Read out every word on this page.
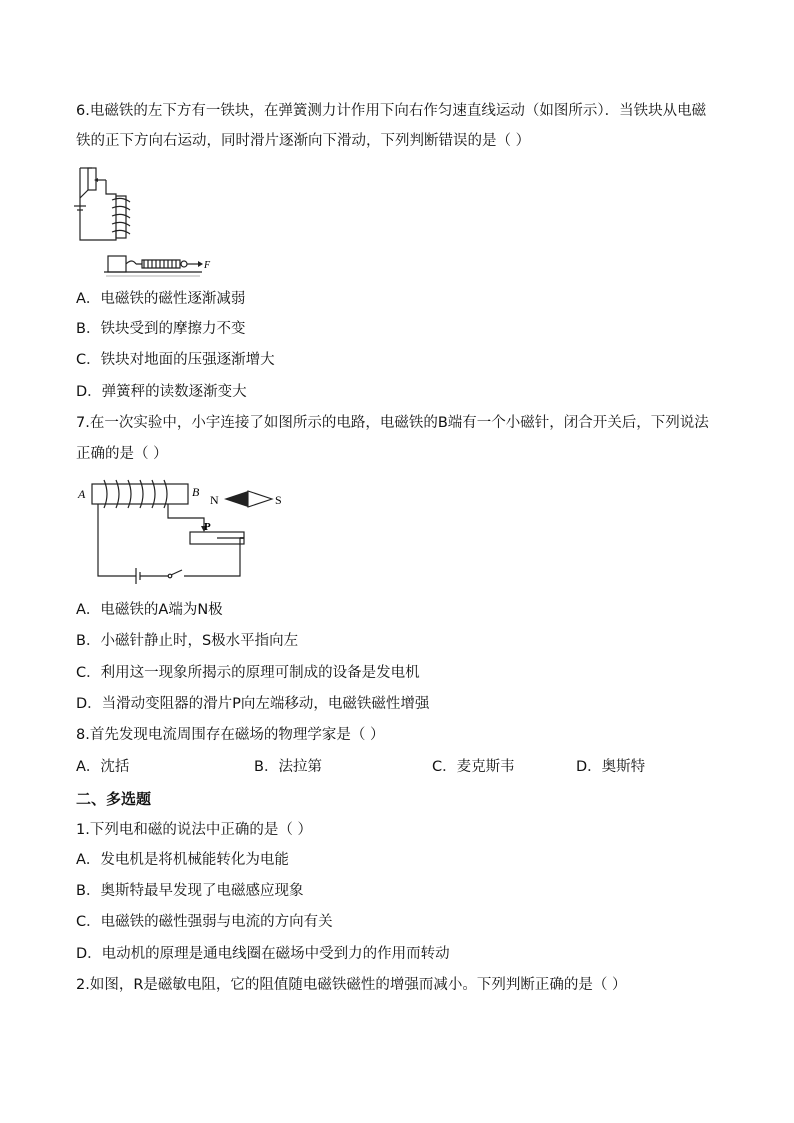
6.电磁铁的左下方有一铁块，在弹簧测力计作用下向右作匀速直线运动（如图所示）．当铁块从电磁
铁的正下方向右运动，同时滑片逐渐向下滑动，下列判断错误的是（ ）
F
A．电磁铁的磁性逐渐减弱
B．铁块受到的摩擦力不变
C．铁块对地面的压强逐渐增大
D．弹簧秤的读数逐渐变大
7.在一次实验中，小宇连接了如图所示的电路，电磁铁的B端有一个小磁针，闭合开关后，下列说法
正确的是（ ）
A	B
N	S
P
A．电磁铁的A端为N极
B．小磁针静止时，S极水平指向左
C．利用这一现象所揭示的原理可制成的设备是发电机
D．当滑动变阻器的滑片P向左端移动，电磁铁磁性增强
8.首先发现电流周围存在磁场的物理学家是（ ）
A．沈括	B．法拉第	C．麦克斯韦	D．奥斯特
二、多选题
1.下列电和磁的说法中正确的是（ ）
A．发电机是将机械能转化为电能
B．奥斯特最早发现了电磁感应现象
C．电磁铁的磁性强弱与电流的方向有关
D．电动机的原理是通电线圈在磁场中受到力的作用而转动
2.如图，R是磁敏电阻，它的阻值随电磁铁磁性的增强而减小。下列判断正确的是（ ）
